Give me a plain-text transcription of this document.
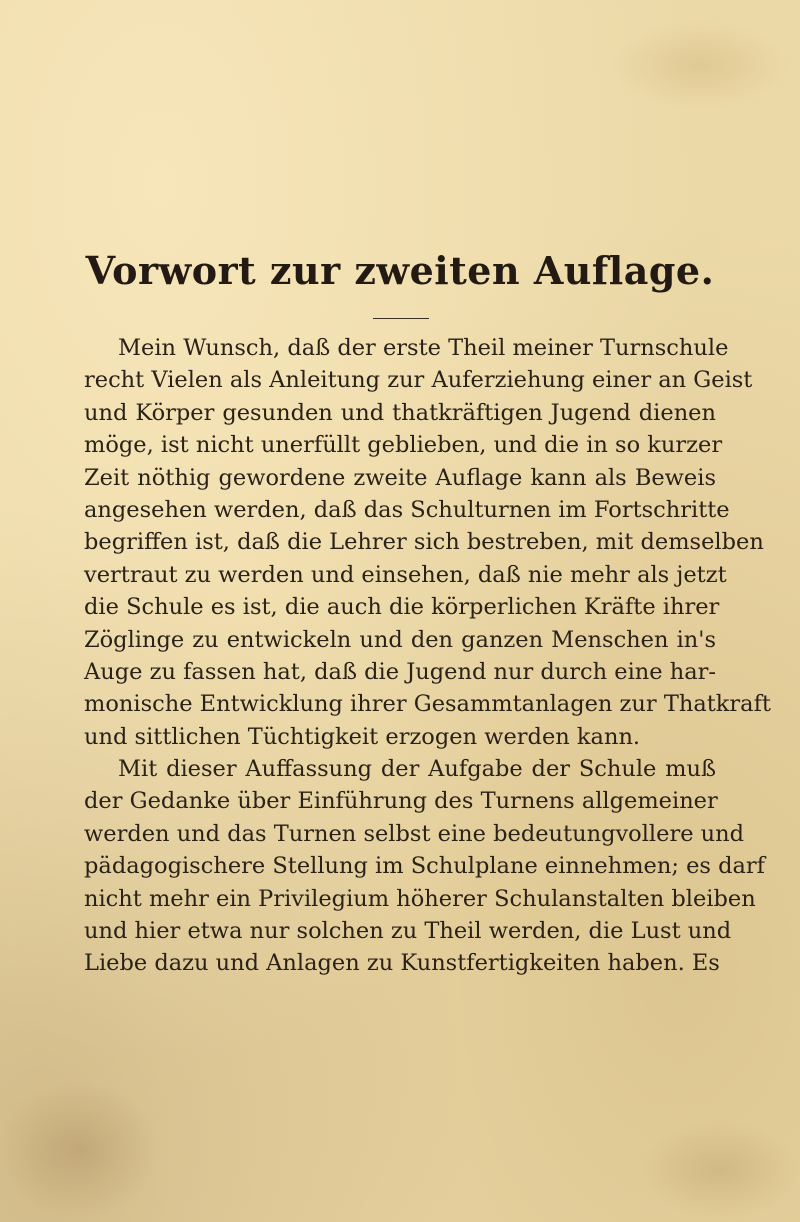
Vorwort zur zweiten Auflage.
Mein Wunsch, daß der erste Theil meiner Turnschule
recht Vielen als Anleitung zur Auferziehung einer an Geist
und Körper gesunden und thatkräftigen Jugend dienen
möge, ist nicht unerfüllt geblieben, und die in so kurzer
Zeit nöthig gewordene zweite Auflage kann als Beweis
angesehen werden, daß das Schulturnen im Fortschritte
begriffen ist, daß die Lehrer sich bestreben, mit demselben
vertraut zu werden und einsehen, daß nie mehr als jetzt
die Schule es ist, die auch die körperlichen Kräfte ihrer
Zöglinge zu entwickeln und den ganzen Menschen in's
Auge zu fassen hat, daß die Jugend nur durch eine har-
monische Entwicklung ihrer Gesammtanlagen zur Thatkraft
und sittlichen Tüchtigkeit erzogen werden kann.
Mit dieser Auffassung der Aufgabe der Schule muß
der Gedanke über Einführung des Turnens allgemeiner
werden und das Turnen selbst eine bedeutungvollere und
pädagogischere Stellung im Schulplane einnehmen; es darf
nicht mehr ein Privilegium höherer Schulanstalten bleiben
und hier etwa nur solchen zu Theil werden, die Lust und
Liebe dazu und Anlagen zu Kunstfertigkeiten haben. Es
